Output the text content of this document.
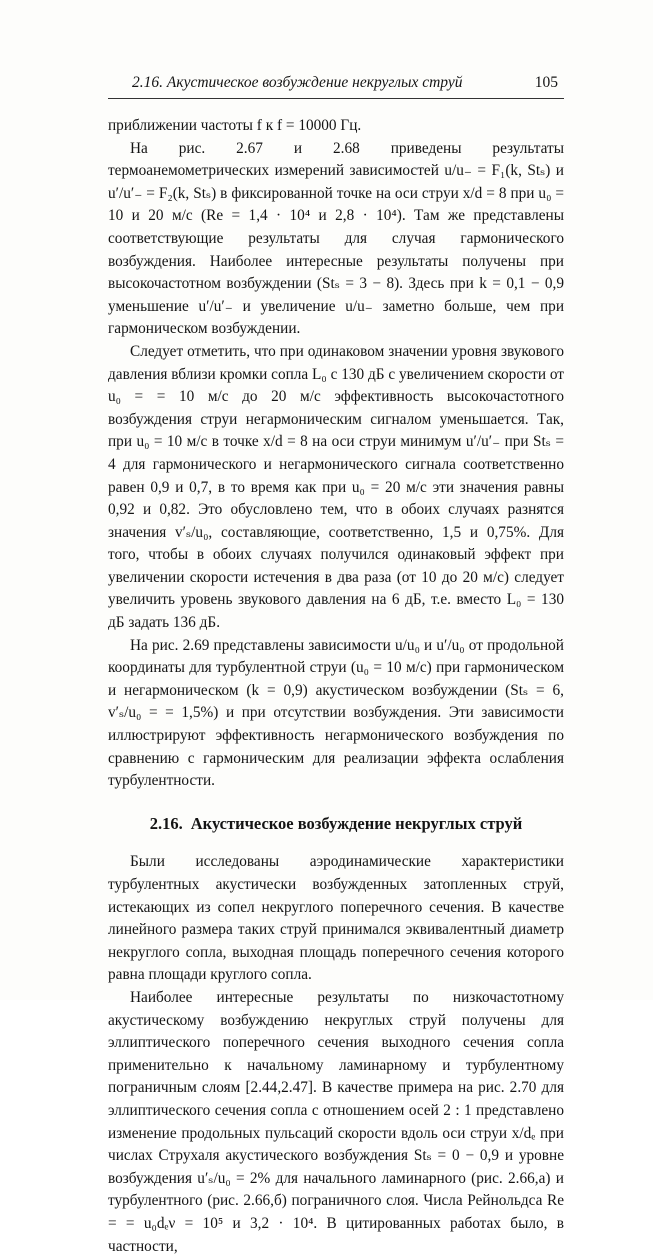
2.16. Акустическое возбуждение некруглых струй	105

приближении частоты f к f = 10000 Гц.

На рис. 2.67 и 2.68 приведены результаты термоанемометрических измерений зависимостей u/u₋ = F₁(k, Stₛ) и u′/u′₋ = F₂(k, Stₛ) в фиксированной точке на оси струи x/d = 8 при u₀ = 10 и 20 м/с (Re = 1,4 · 10⁴ и 2,8 · 10⁴). Там же представлены соответствующие результаты для случая гармонического возбуждения. Наиболее интересные результаты получены при высокочастотном возбуждении (Stₛ = 3 − 8). Здесь при k = 0,1 − 0,9 уменьшение u′/u′₋ и увеличение u/u₋ заметно больше, чем при гармоническом возбуждении.

Следует отметить, что при одинаковом значении уровня звукового давления вблизи кромки сопла L₀ с 130 дБ с увеличением скорости от u₀ = = 10 м/с до 20 м/с эффективность высокочастотного возбуждения струи негармоническим сигналом уменьшается. Так, при u₀ = 10 м/с в точке x/d = 8 на оси струи минимум u′/u′₋ при Stₛ = 4 для гармонического и негармонического сигнала соответственно равен 0,9 и 0,7, в то время как при u₀ = 20 м/с эти значения равны 0,92 и 0,82. Это обусловлено тем, что в обоих случаях разнятся значения v′ₛ/u₀, составляющие, соответственно, 1,5 и 0,75%. Для того, чтобы в обоих случаях получился одинаковый эффект при увеличении скорости истечения в два раза (от 10 до 20 м/с) следует увеличить уровень звукового давления на 6 дБ, т.е. вместо L₀ = 130 дБ задать 136 дБ.

На рис. 2.69 представлены зависимости u/u₀ и u′/u₀ от продольной координаты для турбулентной струи (u₀ = 10 м/с) при гармоническом и негармоническом (k = 0,9) акустическом возбуждении (Stₛ = 6, v′ₛ/u₀ = = 1,5%) и при отсутствии возбуждения. Эти зависимости иллюстрируют эффективность негармонического возбуждения по сравнению с гармоническим для реализации эффекта ослабления турбулентности.

2.16. Акустическое возбуждение некруглых струй

Были исследованы аэродинамические характеристики турбулентных акустически возбужденных затопленных струй, истекающих из сопел некруглого поперечного сечения. В качестве линейного размера таких струй принимался эквивалентный диаметр некруглого сопла, выходная площадь поперечного сечения которого равна площади круглого сопла.

Наиболее интересные результаты по низкочастотному акустическому возбуждению некруглых струй получены для эллиптического поперечного сечения выходного сечения сопла применительно к начальному ламинарному и турбулентному пограничным слоям [2.44,2.47]. В качестве примера на рис. 2.70 для эллиптического сечения сопла с отношением осей 2 : 1 представлено изменение продольных пульсаций скорости вдоль оси струи x/dₑ при числах Струхаля акустического возбуждения Stₛ = 0 − 0,9 и уровне возбуждения u′ₛ/u₀ = 2% для начального ламинарного (рис. 2.66,а) и турбулентного (рис. 2.66,б) пограничного слоя. Числа Рейнольдса Re = = u₀dₑν = 10⁵ и 3,2 · 10⁴. В цитированных работах было, в частности,
